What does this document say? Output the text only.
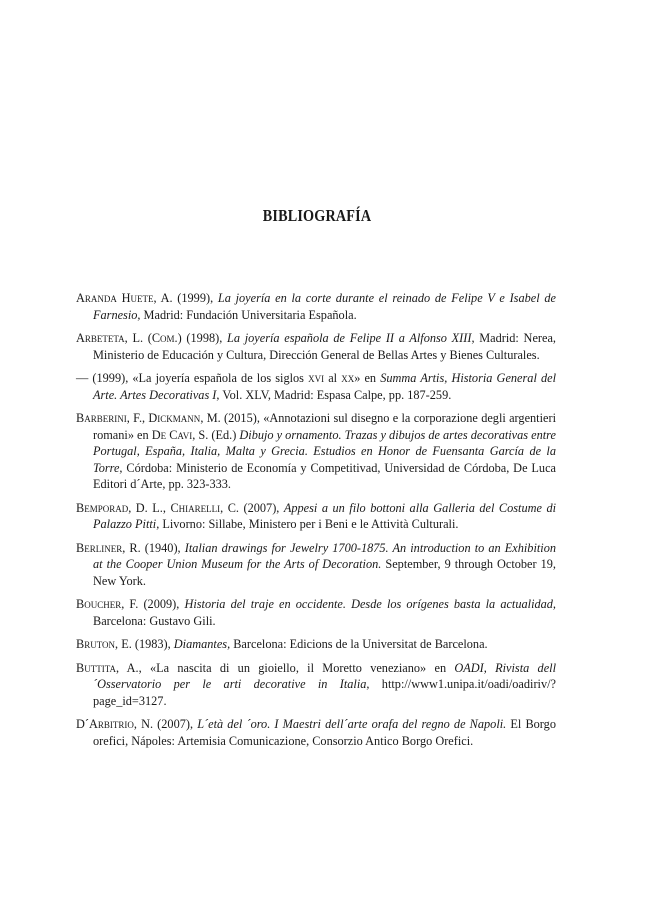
BIBLIOGRAFÍA
Aranda Huete, A. (1999), La joyería en la corte durante el reinado de Felipe V e Isabel de Farnesio, Madrid: Fundación Universitaria Española.
Arbeteta, L. (Com.) (1998), La joyería española de Felipe II a Alfonso XIII, Madrid: Nerea, Ministerio de Educación y Cultura, Dirección General de Bellas Artes y Bienes Culturales.
— (1999), «La joyería española de los siglos xvi al xx» en Summa Artis, Historia General del Arte. Artes Decorativas I, Vol. XLV, Madrid: Espasa Calpe, pp. 187-259.
Barberini, F., Dickmann, M. (2015), «Annotazioni sul disegno e la corporazione degli argentieri romani» en De Cavi, S. (Ed.) Dibujo y ornamento. Trazas y dibujos de artes decorativas entre Portugal, España, Italia, Malta y Grecia. Estudios en Honor de Fuensanta García de la Torre, Córdoba: Ministerio de Economía y Competitivad, Universidad de Córdoba, De Luca Editori d´Arte, pp. 323-333.
Bemporad, D. L., Chiarelli, C. (2007), Appesi a un filo bottoni alla Galleria del Costume di Palazzo Pitti, Livorno: Sillabe, Ministero per i Beni e le Attività Culturali.
Berliner, R. (1940), Italian drawings for Jewelry 1700-1875. An introduction to an Exhibition at the Cooper Union Museum for the Arts of Decoration. September, 9 through October 19, New York.
Boucher, F. (2009), Historia del traje en occidente. Desde los orígenes basta la actualidad, Barcelona: Gustavo Gili.
Bruton, E. (1983), Diamantes, Barcelona: Edicions de la Universitat de Barcelona.
Buttita, A., «La nascita di un gioiello, il Moretto veneziano» en OADI, Rivista dell´Osservatorio per le arti decorative in Italia, http://www1.unipa.it/oadi/oadiriv/?page_id=3127.
D´Arbitrio, N. (2007), L´età del ´oro. I Maestri dell´arte orafa del regno de Napoli. El Borgo orefici, Nápoles: Artemisia Comunicazione, Consorzio Antico Borgo Orefici.
